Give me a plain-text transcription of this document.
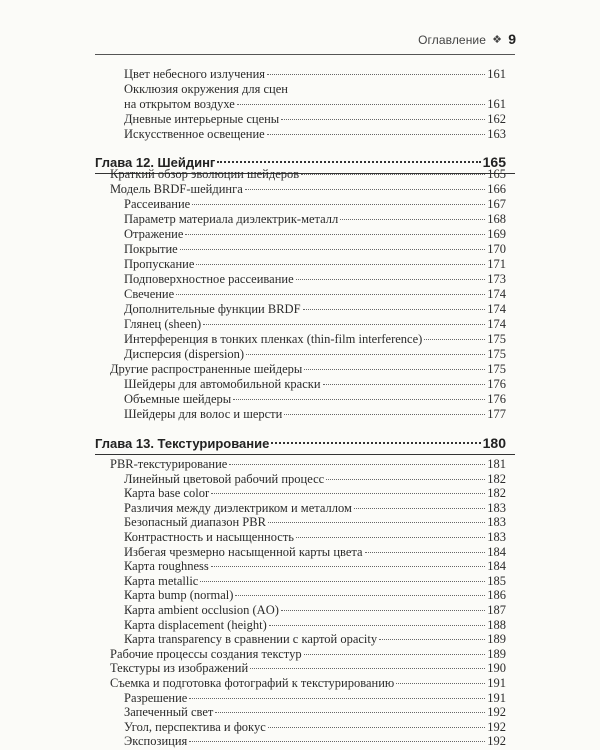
Оглавление ❖ 9
Цвет небесного излучения	161
Окклюзия окружения для сцен
на открытом воздухе	161
Дневные интерьерные сцены	162
Искусственное освещение	163
Глава 12. Шейдинг	165
Краткий обзор эволюции шейдеров	165
Модель BRDF-шейдинга	166
Рассеивание	167
Параметр материала диэлектрик-металл	168
Отражение	169
Покрытие	170
Пропускание	171
Подповерхностное рассеивание	173
Свечение	174
Дополнительные функции BRDF	174
Глянец (sheen)	174
Интерференция в тонких пленках (thin-film interference)	175
Дисперсия (dispersion)	175
Другие распространенные шейдеры	175
Шейдеры для автомобильной краски	176
Объемные шейдеры	176
Шейдеры для волос и шерсти	177
Глава 13. Текстурирование	180
PBR-текстурирование	181
Линейный цветовой рабочий процесс	182
Карта base color	182
Различия между диэлектриком и металлом	183
Безопасный диапазон PBR	183
Контрастность и насыщенность	183
Избегая чрезмерно насыщенной карты цвета	184
Карта roughness	184
Карта metallic	185
Карта bump (normal)	186
Карта ambient occlusion (AO)	187
Карта displacement (height)	188
Карта transparency в сравнении с картой opacity	189
Рабочие процессы создания текстур	189
Текстуры из изображений	190
Съемка и подготовка фотографий к текстурированию	191
Разрешение	191
Запеченный свет	192
Угол, перспектива и фокус	192
Экспозиция	192
